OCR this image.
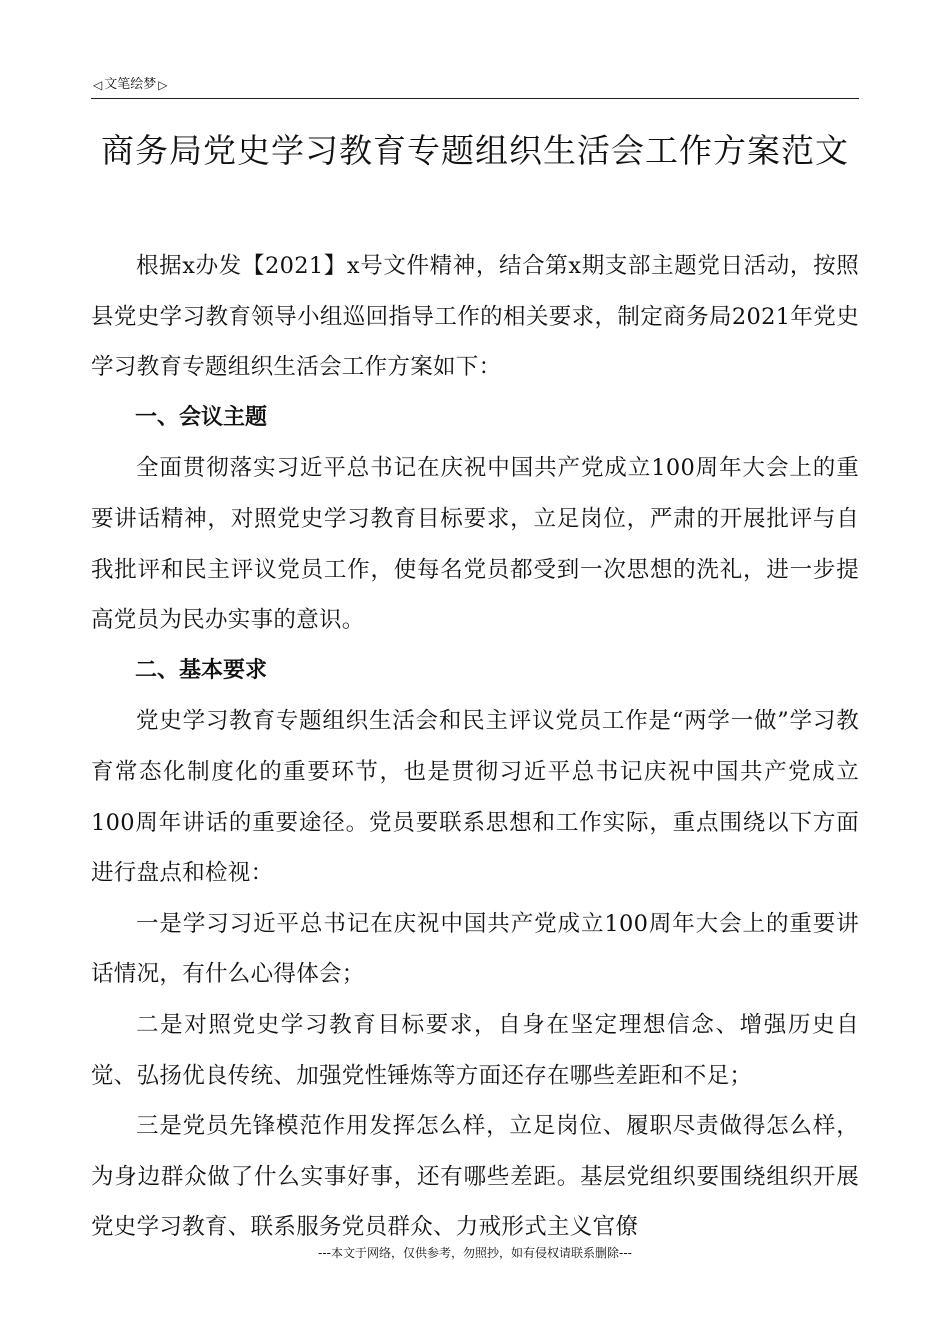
◁ 文笔绘梦 ▷
商务局党史学习教育专题组织生活会工作方案范文

根据x办发【2021】x号文件精神，结合第x期支部主题党日活动，按照县党史学习教育领导小组巡回指导工作的相关要求，制定商务局2021年党史学习教育专题组织生活会工作方案如下：

一、会议主题

全面贯彻落实习近平总书记在庆祝中国共产党成立100周年大会上的重要讲话精神，对照党史学习教育目标要求，立足岗位，严肃的开展批评与自我批评和民主评议党员工作，使每名党员都受到一次思想的洗礼，进一步提高党员为民办实事的意识。

二、基本要求

党史学习教育专题组织生活会和民主评议党员工作是“两学一做”学习教育常态化制度化的重要环节，也是贯彻习近平总书记庆祝中国共产党成立100周年讲话的重要途径。党员要联系思想和工作实际，重点围绕以下方面进行盘点和检视：

一是学习习近平总书记在庆祝中国共产党成立100周年大会上的重要讲话情况，有什么心得体会；

二是对照党史学习教育目标要求，自身在坚定理想信念、增强历史自觉、弘扬优良传统、加强党性锤炼等方面还存在哪些差距和不足；

三是党员先锋模范作用发挥怎么样，立足岗位、履职尽责做得怎么样，为身边群众做了什么实事好事，还有哪些差距。基层党组织要围绕组织开展党史学习教育、联系服务党员群众、力戒形式主义官僚

---本文于网络，仅供参考，勿照抄，如有侵权请联系删除---
